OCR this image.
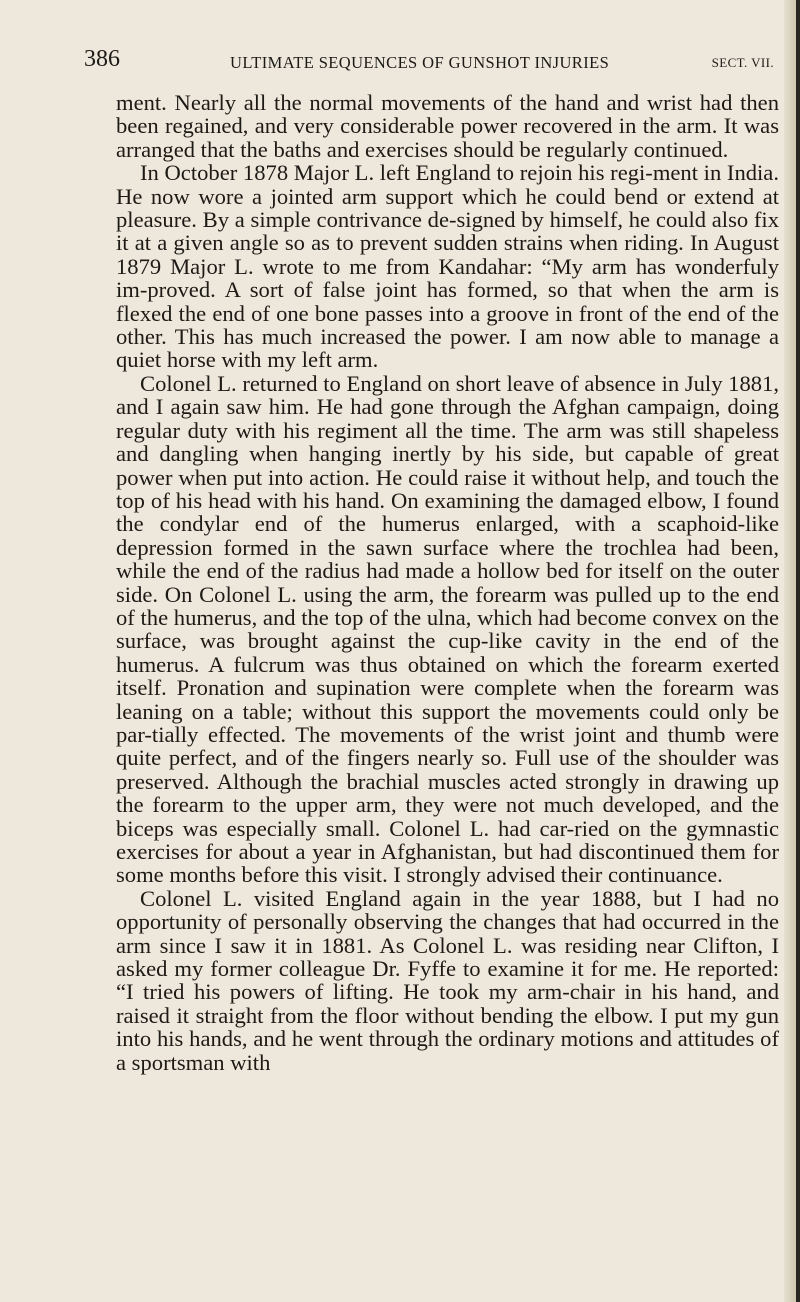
386	ULTIMATE SEQUENCES OF GUNSHOT INJURIES	SECT. VII.

ment. Nearly all the normal movements of the hand and wrist had then been regained, and very considerable power recovered in the arm. It was arranged that the baths and exercises should be regularly continued.

In October 1878 Major L. left England to rejoin his regi-ment in India. He now wore a jointed arm support which he could bend or extend at pleasure. By a simple contrivance de-signed by himself, he could also fix it at a given angle so as to prevent sudden strains when riding. In August 1879 Major L. wrote to me from Kandahar: “My arm has wonderfuly im-proved. A sort of false joint has formed, so that when the arm is flexed the end of one bone passes into a groove in front of the end of the other. This has much increased the power. I am now able to manage a quiet horse with my left arm.

Colonel L. returned to England on short leave of absence in July 1881, and I again saw him. He had gone through the Afghan campaign, doing regular duty with his regiment all the time. The arm was still shapeless and dangling when hanging inertly by his side, but capable of great power when put into action. He could raise it without help, and touch the top of his head with his hand. On examining the damaged elbow, I found the condylar end of the humerus enlarged, with a scaphoid-like depression formed in the sawn surface where the trochlea had been, while the end of the radius had made a hollow bed for itself on the outer side. On Colonel L. using the arm, the forearm was pulled up to the end of the humerus, and the top of the ulna, which had become convex on the surface, was brought against the cup-like cavity in the end of the humerus. A fulcrum was thus obtained on which the forearm exerted itself. Pronation and supination were complete when the forearm was leaning on a table; without this support the movements could only be par-tially effected. The movements of the wrist joint and thumb were quite perfect, and of the fingers nearly so. Full use of the shoulder was preserved. Although the brachial muscles acted strongly in drawing up the forearm to the upper arm, they were not much developed, and the biceps was especially small. Colonel L. had car-ried on the gymnastic exercises for about a year in Afghanistan, but had discontinued them for some months before this visit. I strongly advised their continuance.

Colonel L. visited England again in the year 1888, but I had no opportunity of personally observing the changes that had occurred in the arm since I saw it in 1881. As Colonel L. was residing near Clifton, I asked my former colleague Dr. Fyffe to examine it for me. He reported: “I tried his powers of lifting. He took my arm-chair in his hand, and raised it straight from the floor without bending the elbow. I put my gun into his hands, and he went through the ordinary motions and attitudes of a sportsman with
